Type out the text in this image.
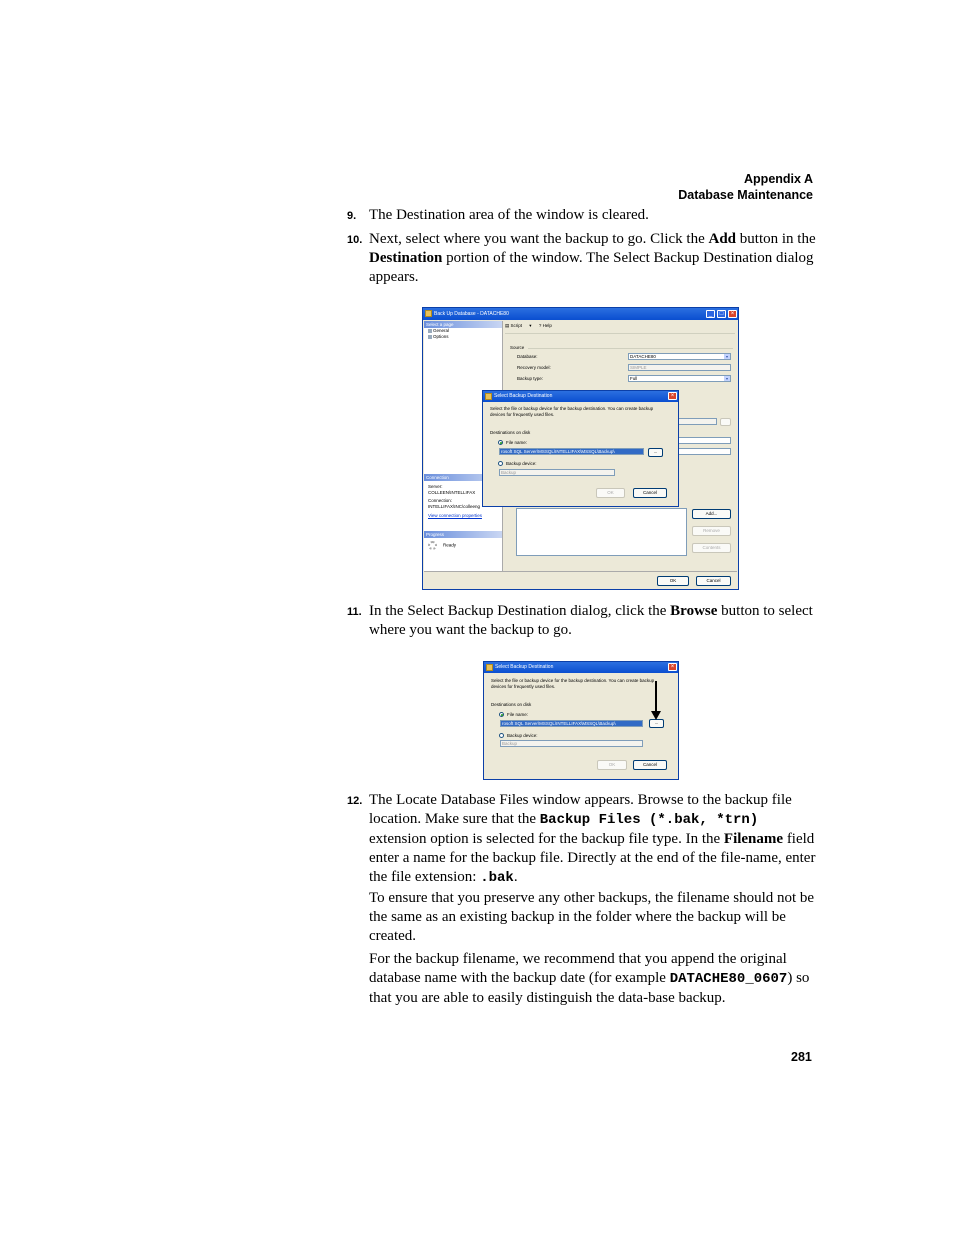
Appendix A
Database Maintenance
9. The Destination area of the window is cleared.
10. Next, select where you want the backup to go. Click the Add button in the Destination portion of the window. The Select Backup Destination dialog appears.
Back Up Database - DATACHE80	_	□	×
Select a page
General
Options
Connection
Server:
COLLEEN\INTELLIFAX
Connection:
INTELLIFAX\INC\colleeng
View connection properties
Progress
Ready
▤ Script ▾ ? Help
Source
Database:	DATACHE80	▾
Recovery model:	SIMPLE
Backup type:	Full	▾
Add...
Remove
Contents
OK	Cancel
Select Backup Destination	×
Select the file or backup device for the backup destination. You can create backup devices for frequently used files.
Destinations on disk
File name:
rosoft SQL Server\MSSQL\INTELLIFAX\MSSQL\Backup\	...
Backup device:
Backup
OK	Cancel
11. In the Select Backup Destination dialog, click the Browse button to select where you want the backup to go.
Select Backup Destination	×
Select the file or backup device for the backup destination. You can create backup devices for frequently used files.
Destinations on disk
File name:
rosoft SQL Server\MSSQL\INTELLIFAX\MSSQL\Backup\	...
Backup device:
Backup
OK	Cancel
12. The Locate Database Files window appears. Browse to the backup file location. Make sure that the Backup Files (*.bak, *trn) extension option is selected for the backup file type. In the Filename field enter a name for the backup file. Directly at the end of the file-name, enter the file extension: .bak.
To ensure that you preserve any other backups, the filename should not be the same as an existing backup in the folder where the backup will be created.
For the backup filename, we recommend that you append the original database name with the backup date (for example DATACHE80_0607) so that you are able to easily distinguish the data-base backup.
281
